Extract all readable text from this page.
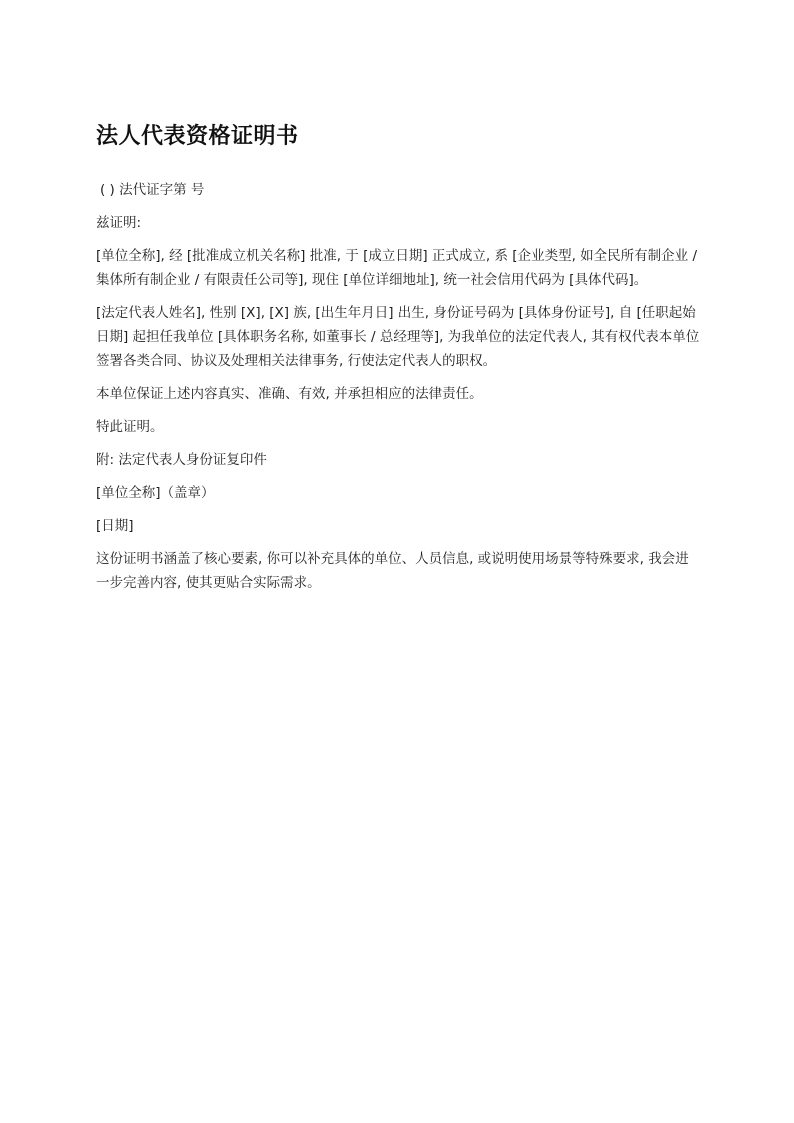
法人代表资格证明书

( ) 法代证字第 号

兹证明:

[单位全称], 经 [批准成立机关名称] 批准, 于 [成立日期] 正式成立, 系 [企业类型, 如全民所有制企业 / 集体所有制企业 / 有限责任公司等], 现住 [单位详细地址], 统一社会信用代码为 [具体代码]。

[法定代表人姓名], 性别 [X], [X] 族, [出生年月日] 出生, 身份证号码为 [具体身份证号], 自 [任职起始日期] 起担任我单位 [具体职务名称, 如董事长 / 总经理等], 为我单位的法定代表人, 其有权代表本单位签署各类合同、协议及处理相关法律事务, 行使法定代表人的职权。

本单位保证上述内容真实、准确、有效, 并承担相应的法律责任。

特此证明。

附: 法定代表人身份证复印件

[单位全称]（盖章）

[日期]

这份证明书涵盖了核心要素, 你可以补充具体的单位、人员信息, 或说明使用场景等特殊要求, 我会进一步完善内容, 使其更贴合实际需求。
